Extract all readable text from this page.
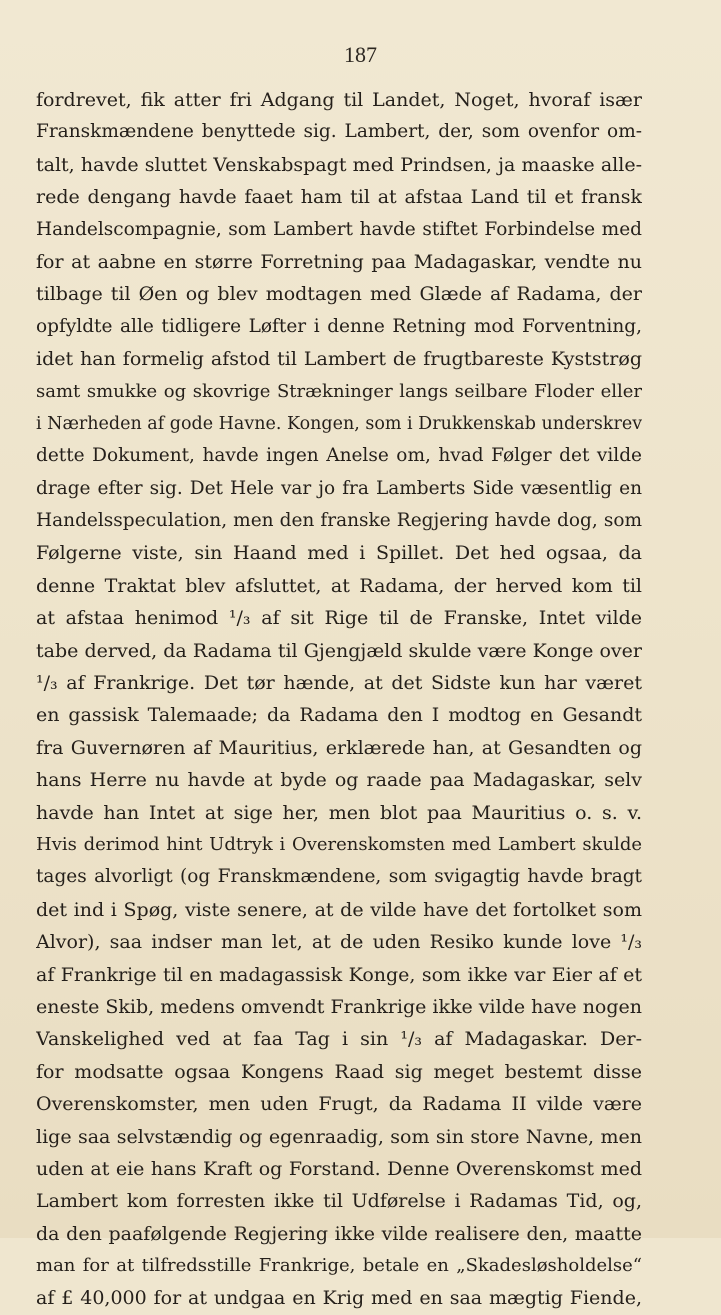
187
fordrevet, fik atter fri Adgang til Landet, Noget, hvoraf især
Franskmændene benyttede sig. Lambert, der, som ovenfor om-
talt, havde sluttet Venskabspagt med Prindsen, ja maaske alle-
rede dengang havde faaet ham til at afstaa Land til et fransk
Handelscompagnie, som Lambert havde stiftet Forbindelse med
for at aabne en større Forretning paa Madagaskar, vendte nu
tilbage til Øen og blev modtagen med Glæde af Radama, der
opfyldte alle tidligere Løfter i denne Retning mod Forventning,
idet han formelig afstod til Lambert de frugtbareste Kyststrøg
samt smukke og skovrige Strækninger langs seilbare Floder eller
i Nærheden af gode Havne. Kongen, som i Drukkenskab underskrev
dette Dokument, havde ingen Anelse om, hvad Følger det vilde
drage efter sig. Det Hele var jo fra Lamberts Side væsentlig en
Handelsspeculation, men den franske Regjering havde dog, som
Følgerne viste, sin Haand med i Spillet. Det hed ogsaa, da
denne Traktat blev afsluttet, at Radama, der herved kom til
at afstaa henimod ¹/₃ af sit Rige til de Franske, Intet vilde
tabe derved, da Radama til Gjengjæld skulde være Konge over
¹/₃ af Frankrige. Det tør hænde, at det Sidste kun har været
en gassisk Talemaade; da Radama den I modtog en Gesandt
fra Guvernøren af Mauritius, erklærede han, at Gesandten og
hans Herre nu havde at byde og raade paa Madagaskar, selv
havde han Intet at sige her, men blot paa Mauritius o. s. v.
Hvis derimod hint Udtryk i Overenskomsten med Lambert skulde
tages alvorligt (og Franskmændene, som svigagtig havde bragt
det ind i Spøg, viste senere, at de vilde have det fortolket som
Alvor), saa indser man let, at de uden Resiko kunde love ¹/₃
af Frankrige til en madagassisk Konge, som ikke var Eier af et
eneste Skib, medens omvendt Frankrige ikke vilde have nogen
Vanskelighed ved at faa Tag i sin ¹/₃ af Madagaskar. Der-
for modsatte ogsaa Kongens Raad sig meget bestemt disse
Overenskomster, men uden Frugt, da Radama II vilde være
lige saa selvstændig og egenraadig, som sin store Navne, men
uden at eie hans Kraft og Forstand. Denne Overenskomst med
Lambert kom forresten ikke til Udførelse i Radamas Tid, og,
da den paafølgende Regjering ikke vilde realisere den, maatte
man for at tilfredsstille Frankrige, betale en „Skadesløsholdelse“
af £ 40,000 for at undgaa en Krig med en saa mægtig Fiende,
